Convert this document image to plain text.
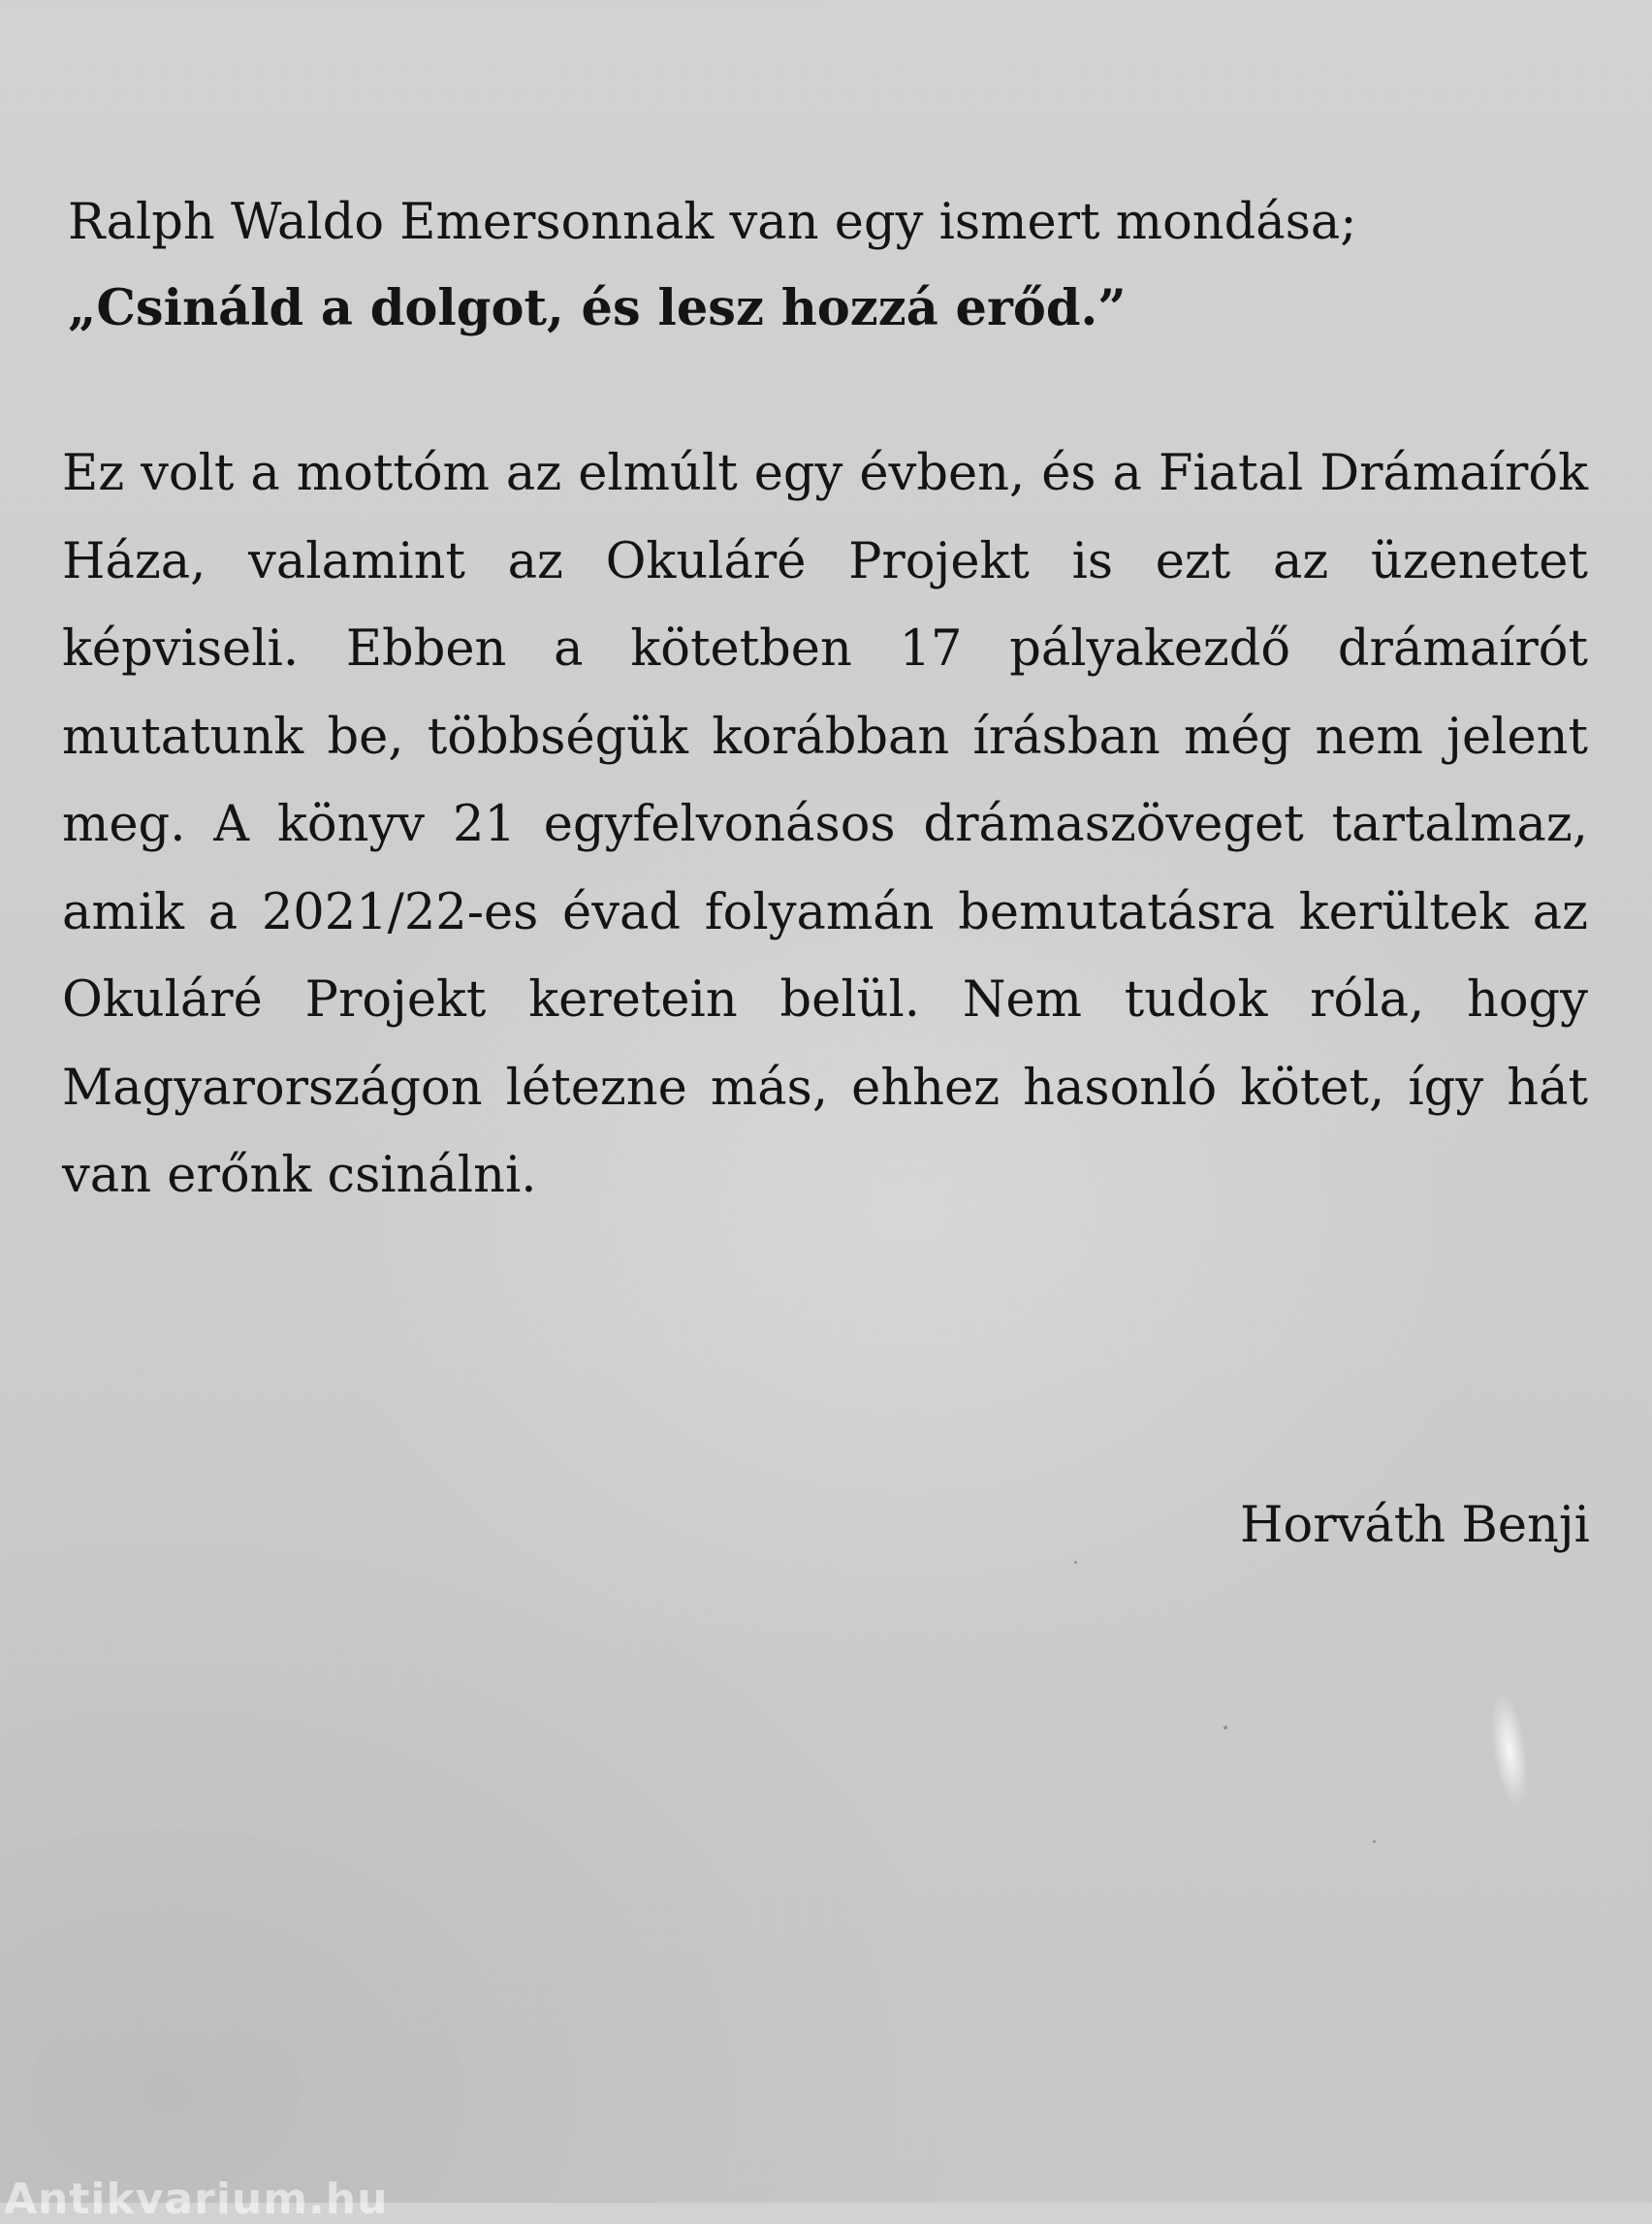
Ralph Waldo Emersonnak van egy ismert mondása;
„Csináld a dolgot, és lesz hozzá erőd.”

Ez volt a mottóm az elmúlt egy évben, és a Fiatal Drámaírók Háza, valamint az Okuláré Projekt is ezt az üzenetet képviseli. Ebben a kötetben 17 pályakezdő drámaírót mutatunk be, többségük korábban írásban még nem jelent meg. A könyv 21 egyfelvonásos drámaszöveget tartalmaz, amik a 2021/22-es évad folyamán bemutatásra kerültek az Okuláré Projekt keretein belül. Nem tudok róla, hogy Magyarországon létezne más, ehhez hasonló kötet, így hát van erőnk csinálni.

Horváth Benji
Antikvarium.hu
